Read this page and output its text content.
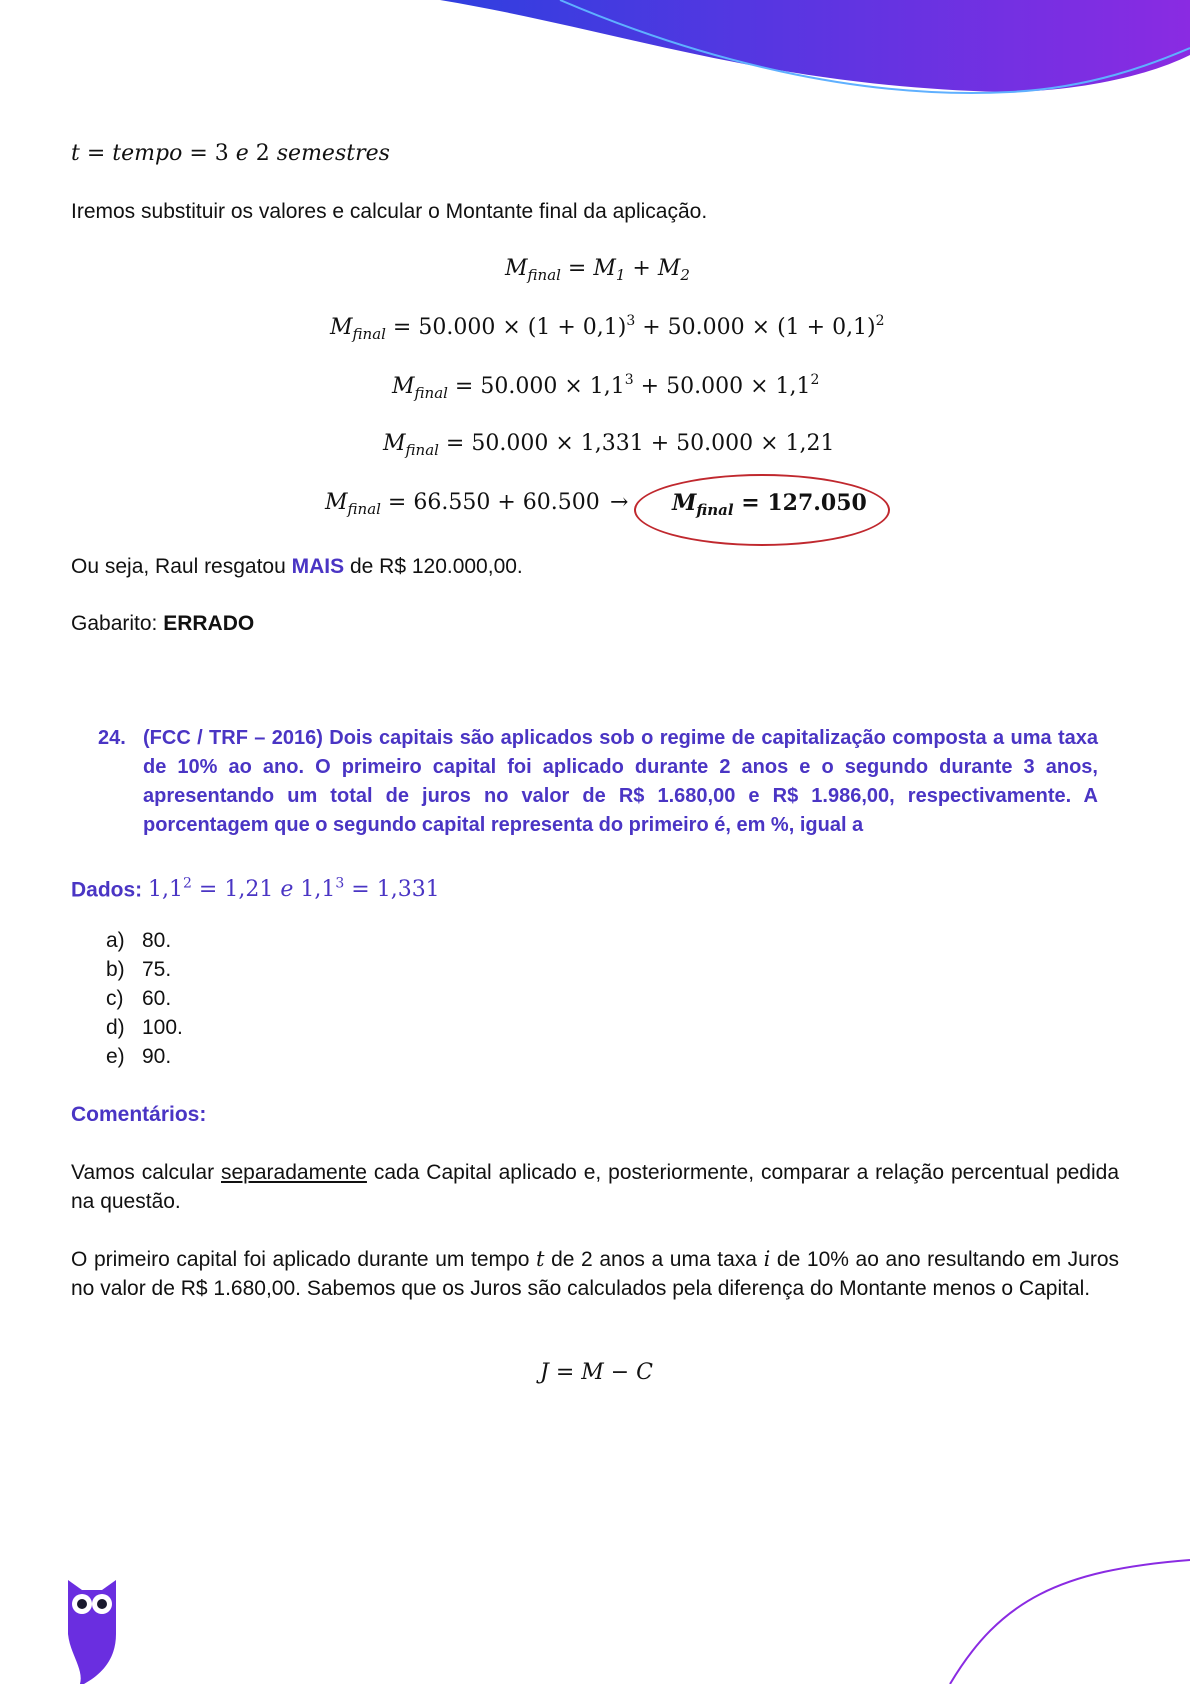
t = tempo = 3 e 2 semestres
Iremos substituir os valores e calcular o Montante final da aplicação.
$M_{final} = M_1 + M_2$
$M_{final} = 50.000 \times (1 + 0,1)^3 + 50.000 \times (1 + 0,1)^2$
$M_{final} = 50.000 \times 1,1^3 + 50.000 \times 1,1^2$
$M_{final} = 50.000 \times 1,331 + 50.000 \times 1,21$
$M_{final} = 66.550 + 60.500 \to M_{final} = 127.050$
Ou seja, Raul resgatou MAIS de R$ 120.000,00.
Gabarito: ERRADO
24. (FCC / TRF – 2016) Dois capitais são aplicados sob o regime de capitalização composta a uma taxa de 10% ao ano. O primeiro capital foi aplicado durante 2 anos e o segundo durante 3 anos, apresentando um total de juros no valor de R$ 1.680,00 e R$ 1.986,00, respectivamente. A porcentagem que o segundo capital representa do primeiro é, em %, igual a
Dados: $1,1^2 = 1,21$ e $1,1^3 = 1,331$
a) 80.
b) 75.
c) 60.
d) 100.
e) 90.
Comentários:
Vamos calcular separadamente cada Capital aplicado e, posteriormente, comparar a relação percentual pedida na questão.
O primeiro capital foi aplicado durante um tempo t de 2 anos a uma taxa i de 10% ao ano resultando em Juros no valor de R$ 1.680,00. Sabemos que os Juros são calculados pela diferença do Montante menos o Capital.
J = M − C
